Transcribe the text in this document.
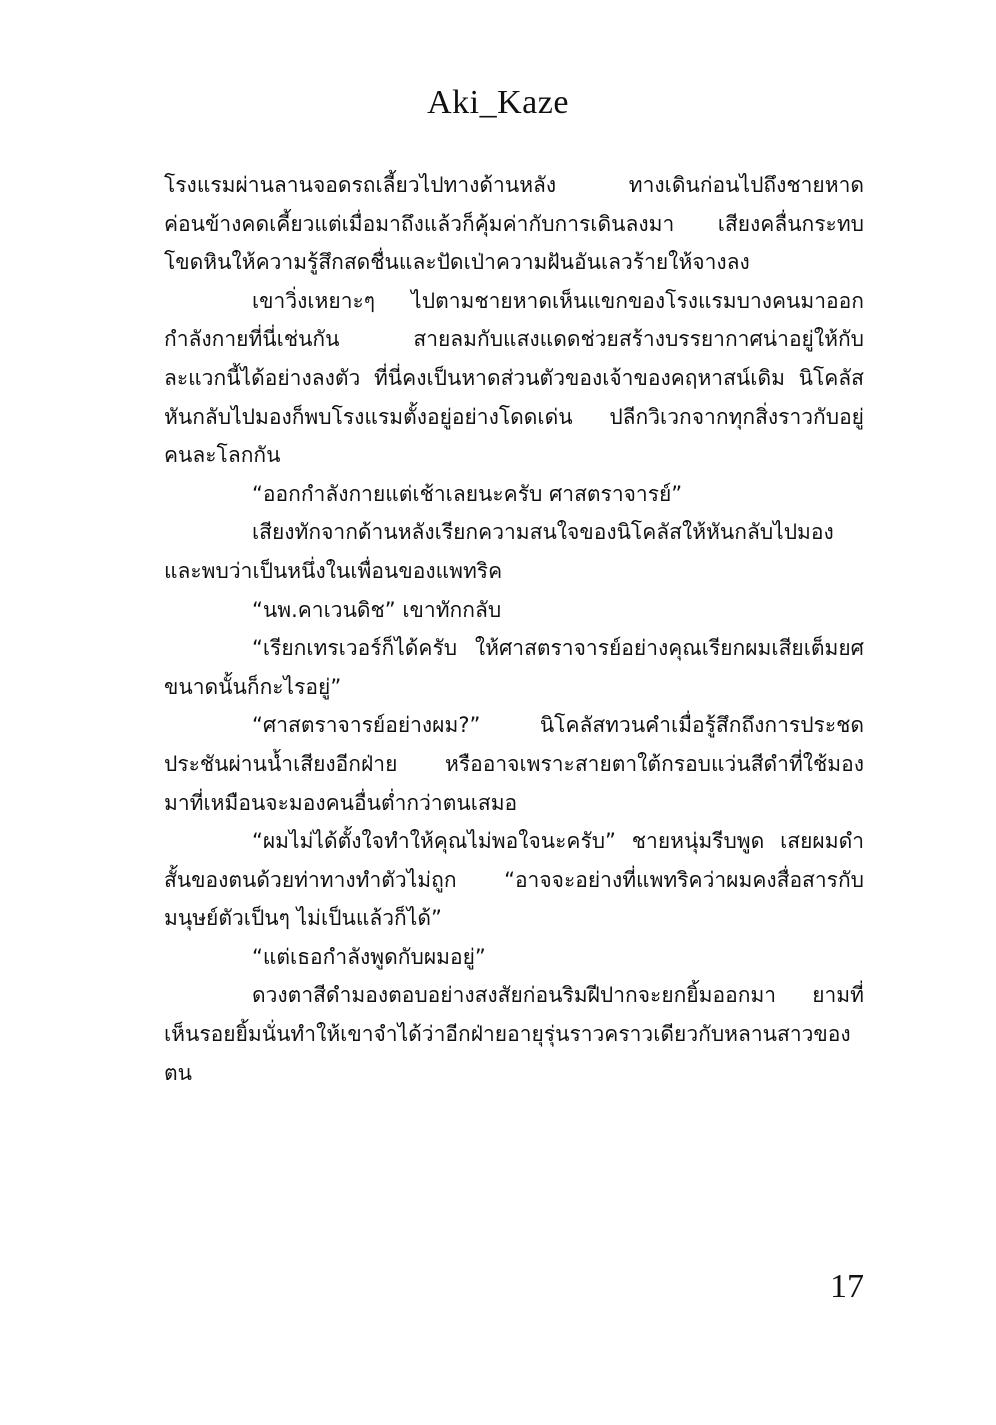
Aki_Kaze
โรงแรมผ่านลานจอดรถเลี้ยวไปทางด้านหลัง ทางเดินก่อนไปถึงชายหาด
ค่อนข้างคดเคี้ยวแต่เมื่อมาถึงแล้วก็คุ้มค่ากับการเดินลงมา เสียงคลื่นกระทบ
โขดหินให้ความรู้สึกสดชื่นและปัดเป่าความฝันอันเลวร้ายให้จางลง
เขาวิ่งเหยาะๆ ไปตามชายหาดเห็นแขกของโรงแรมบางคนมาออก
กำลังกายที่นี่เช่นกัน สายลมกับแสงแดดช่วยสร้างบรรยากาศน่าอยู่ให้กับ
ละแวกนี้ได้อย่างลงตัว ที่นี่คงเป็นหาดส่วนตัวของเจ้าของคฤหาสน์เดิม นิโคลัส
หันกลับไปมองก็พบโรงแรมตั้งอยู่อย่างโดดเด่น ปลีกวิเวกจากทุกสิ่งราวกับอยู่
คนละโลกกัน
“ออกกำลังกายแต่เช้าเลยนะครับ ศาสตราจารย์”
เสียงทักจากด้านหลังเรียกความสนใจของนิโคลัสให้หันกลับไปมอง
และพบว่าเป็นหนึ่งในเพื่อนของแพทริค
“นพ.คาเวนดิช” เขาทักกลับ
“เรียกเทรเวอร์ก็ได้ครับ ให้ศาสตราจารย์อย่างคุณเรียกผมเสียเต็มยศ
ขนาดนั้นก็กะไรอยู่”
“ศาสตราจารย์อย่างผม?” นิโคลัสทวนคำเมื่อรู้สึกถึงการประชด
ประชันผ่านน้ำเสียงอีกฝ่าย หรืออาจเพราะสายตาใต้กรอบแว่นสีดำที่ใช้มอง
มาที่เหมือนจะมองคนอื่นต่ำกว่าตนเสมอ
“ผมไม่ได้ตั้งใจทำให้คุณไม่พอใจนะครับ” ชายหนุ่มรีบพูด เสยผมดำ
สั้นของตนด้วยท่าทางทำตัวไม่ถูก “อาจจะอย่างที่แพทริคว่าผมคงสื่อสารกับ
มนุษย์ตัวเป็นๆ ไม่เป็นแล้วก็ได้”
“แต่เธอกำลังพูดกับผมอยู่”
ดวงตาสีดำมองตอบอย่างสงสัยก่อนริมฝีปากจะยกยิ้มออกมา ยามที่
เห็นรอยยิ้มนั่นทำให้เขาจำได้ว่าอีกฝ่ายอายุรุ่นราวคราวเดียวกับหลานสาวของ
ตน
17
